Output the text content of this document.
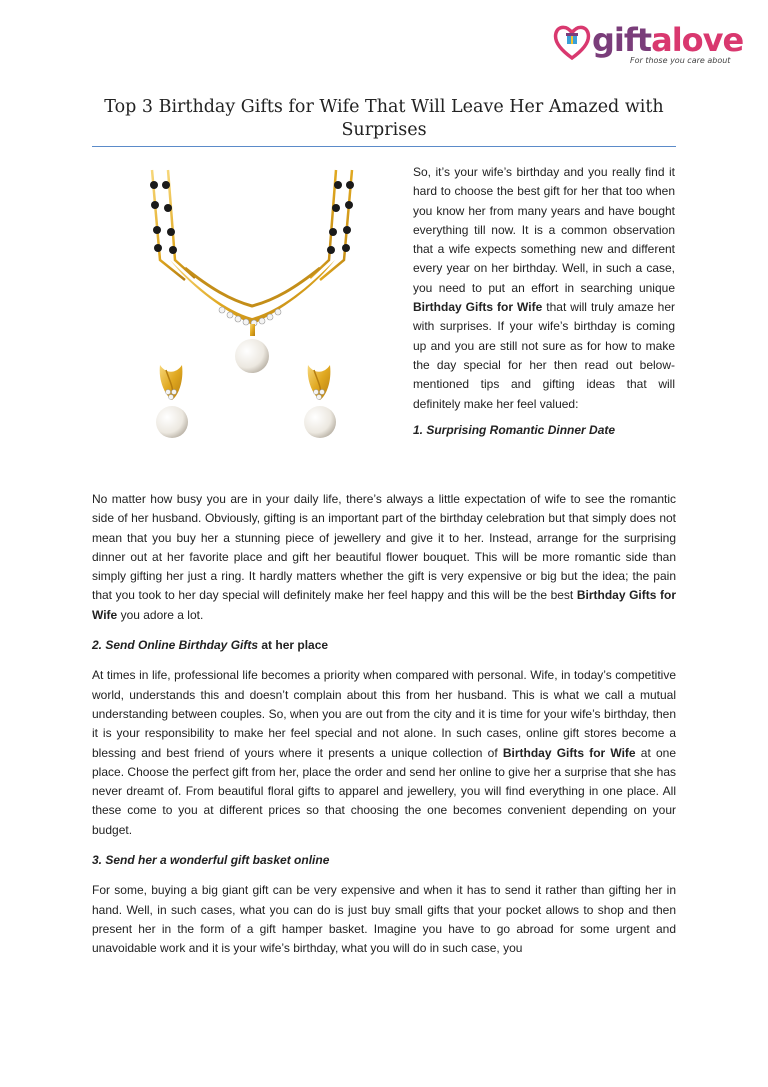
giftalove
For those you care about
Top 3 Birthday Gifts for Wife That Will Leave Her Amazed with Surprises

So, it’s your wife’s birthday and you really find it hard to choose the best gift for her that too when you know her from many years and have bought everything till now. It is a common observation that a wife expects something new and different every year on her birthday. Well, in such a case, you need to put an effort in searching unique Birthday Gifts for Wife that will truly amaze her with surprises. If your wife’s birthday is coming up and you are still not sure as for how to make the day special for her then read out below-mentioned tips and gifting ideas that will definitely make her feel valued:

1. Surprising Romantic Dinner Date

No matter how busy you are in your daily life, there’s always a little expectation of wife to see the romantic side of her husband. Obviously, gifting is an important part of the birthday celebration but that simply does not mean that you buy her a stunning piece of jewellery and give it to her. Instead, arrange for the surprising dinner out at her favorite place and gift her beautiful flower bouquet. This will be more romantic side than simply gifting her just a ring. It hardly matters whether the gift is very expensive or big but the idea; the pain that you took to her day special will definitely make her feel happy and this will be the best Birthday Gifts for Wife you adore a lot.

2. Send Online Birthday Gifts at her place

At times in life, professional life becomes a priority when compared with personal. Wife, in today’s competitive world, understands this and doesn’t complain about this from her husband. This is what we call a mutual understanding between couples. So, when you are out from the city and it is time for your wife’s birthday, then it is your responsibility to make her feel special and not alone. In such cases, online gift stores become a blessing and best friend of yours where it presents a unique collection of Birthday Gifts for Wife at one place. Choose the perfect gift from her, place the order and send her online to give her a surprise that she has never dreamt of. From beautiful floral gifts to apparel and jewellery, you will find everything in one place. All these come to you at different prices so that choosing the one becomes convenient depending on your budget.

3. Send her a wonderful gift basket online

For some, buying a big giant gift can be very expensive and when it has to send it rather than gifting her in hand. Well, in such cases, what you can do is just buy small gifts that your pocket allows to shop and then present her in the form of a gift hamper basket. Imagine you have to go abroad for some urgent and unavoidable work and it is your wife’s birthday, what you will do in such case, you
